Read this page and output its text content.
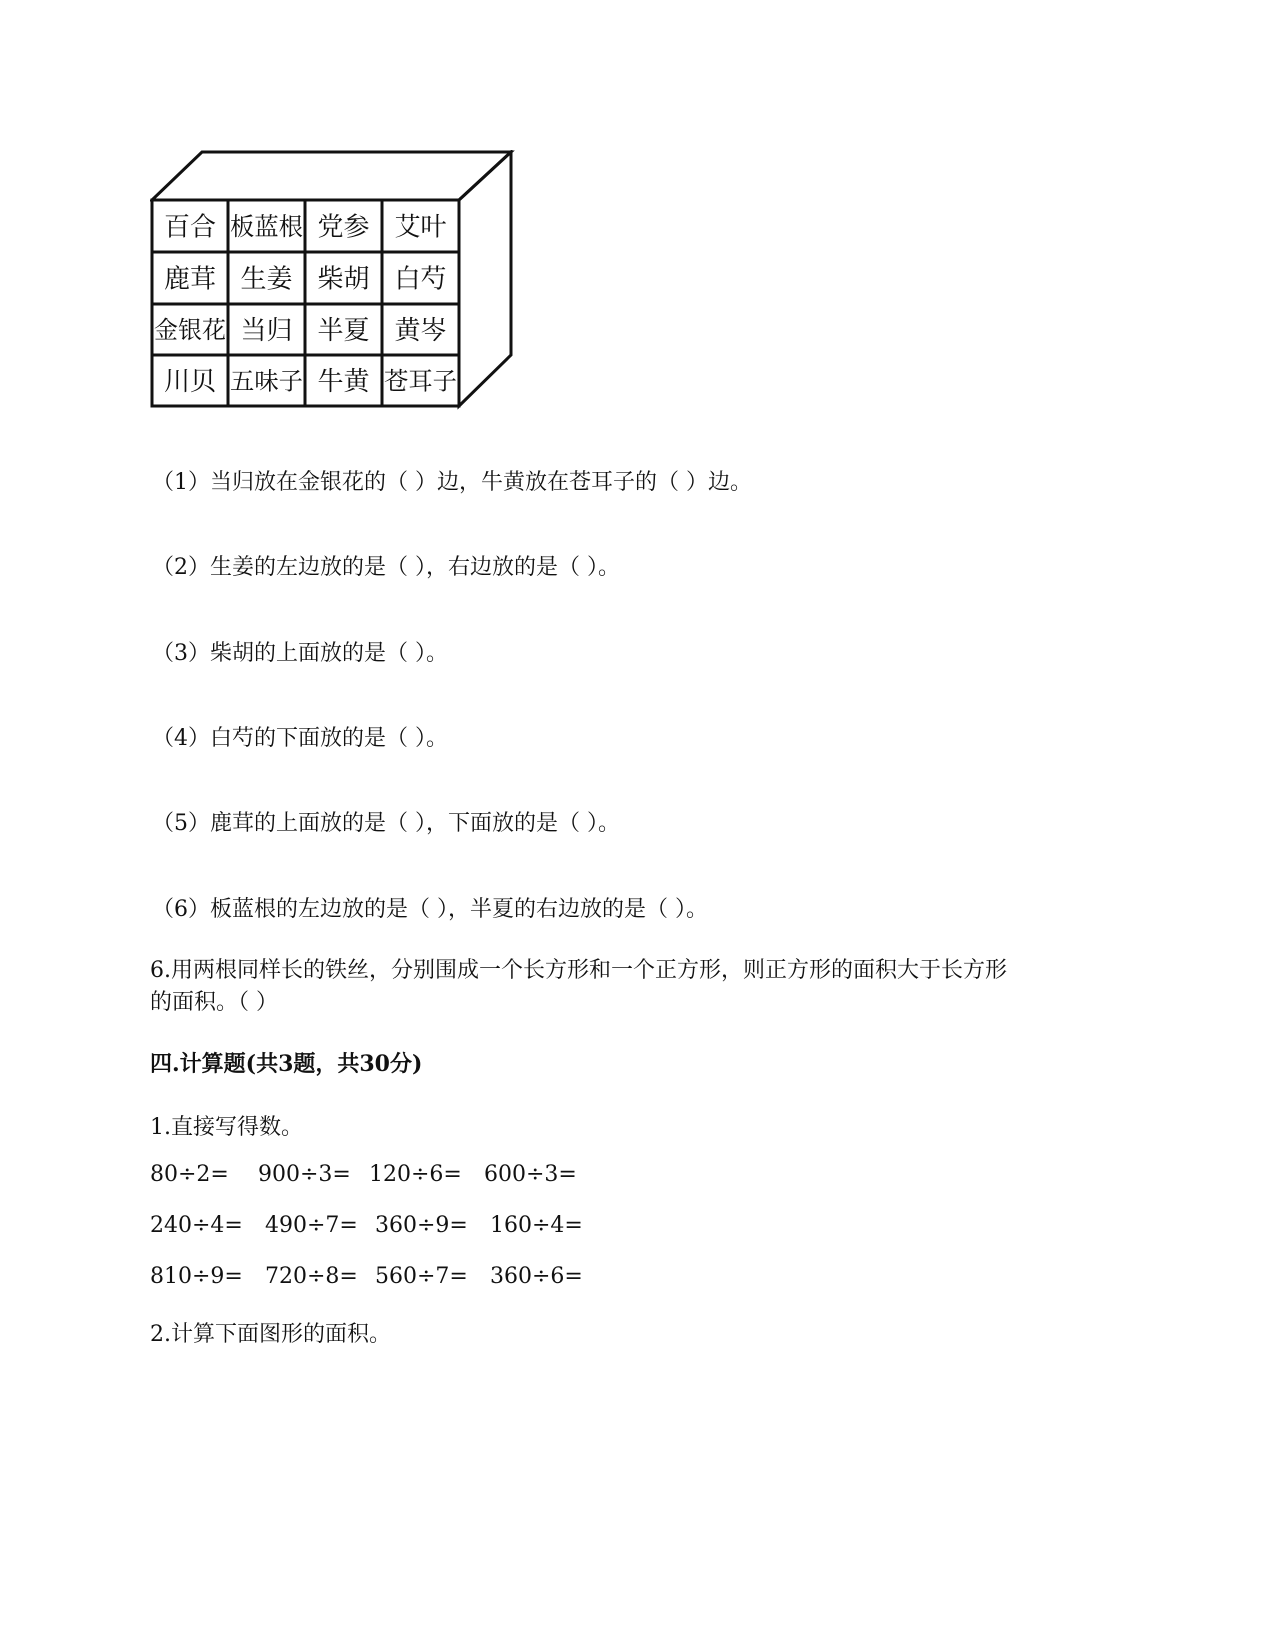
百合 板蓝根 党参 艾叶
鹿茸 生姜 柴胡 白芍
金银花 当归 半夏 黄岑
川贝 五味子 牛黄 苍耳子
（1）当归放在金银花的（ ）边，牛黄放在苍耳子的（ ）边。
（2）生姜的左边放的是（ ），右边放的是（ ）。
（3）柴胡的上面放的是（ ）。
（4）白芍的下面放的是（ ）。
（5）鹿茸的上面放的是（ ），下面放的是（ ）。
（6）板蓝根的左边放的是（ ），半夏的右边放的是（ ）。
6.用两根同样长的铁丝，分别围成一个长方形和一个正方形，则正方形的面积大于长方形
的面积。（ ）
四.计算题(共3题，共30分)
1.直接写得数。
80÷2= 900÷3= 120÷6= 600÷3=
240÷4= 490÷7= 360÷9= 160÷4=
810÷9= 720÷8= 560÷7= 360÷6=
2.计算下面图形的面积。
